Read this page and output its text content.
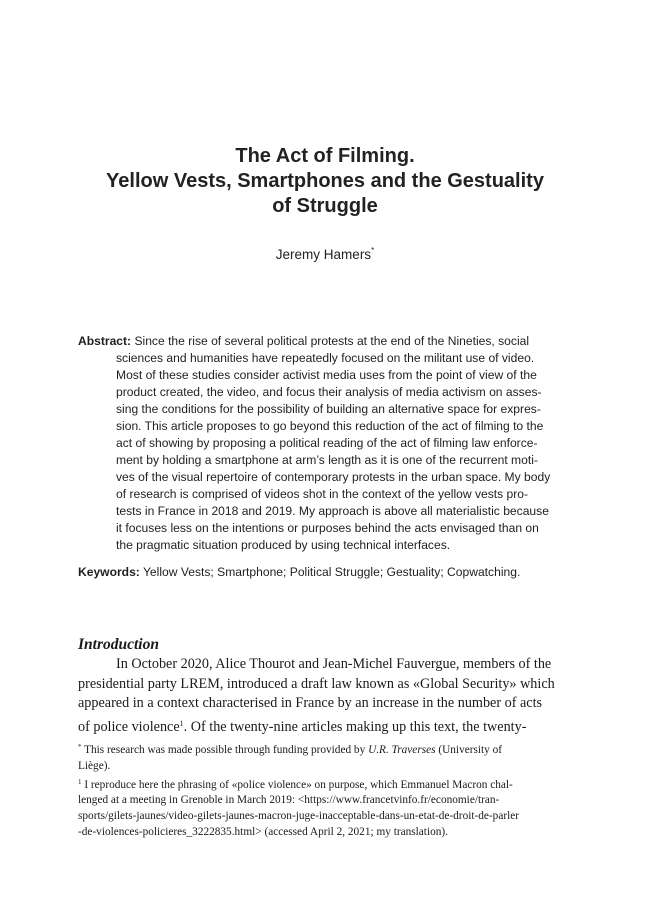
The Act of Filming.
Yellow Vests, Smartphones and the Gestuality
of Struggle
Jeremy Hamers*
Abstract: Since the rise of several political protests at the end of the Nineties, social
sciences and humanities have repeatedly focused on the militant use of video.
Most of these studies consider activist media uses from the point of view of the
product created, the video, and focus their analysis of media activism on asses-
sing the conditions for the possibility of building an alternative space for expres-
sion. This article proposes to go beyond this reduction of the act of filming to the
act of showing by proposing a political reading of the act of filming law enforce-
ment by holding a smartphone at arm’s length as it is one of the recurrent moti-
ves of the visual repertoire of contemporary protests in the urban space. My body
of research is comprised of videos shot in the context of the yellow vests pro-
tests in France in 2018 and 2019. My approach is above all materialistic because
it focuses less on the intentions or purposes behind the acts envisaged than on
the pragmatic situation produced by using technical interfaces.
Keywords: Yellow Vests; Smartphone; Political Struggle; Gestuality; Copwatching.
Introduction
In October 2020, Alice Thourot and Jean-Michel Fauvergue, members of the
presidential party LREM, introduced a draft law known as «Global Security» which
appeared in a context characterised in France by an increase in the number of acts
of police violence$^1$. Of the twenty-nine articles making up this text, the twenty-
* This research was made possible through funding provided by U.R. Traverses (University of
Liège).
$^1$ I reproduce here the phrasing of «police violence» on purpose, which Emmanuel Macron chal-
lenged at a meeting in Grenoble in March 2019: <https://www.francetvinfo.fr/economie/tran-
sports/gilets-jaunes/video-gilets-jaunes-macron-juge-inacceptable-dans-un-etat-de-droit-de-parler
-de-violences-policieres_3222835.html> (accessed April 2, 2021; my translation).
